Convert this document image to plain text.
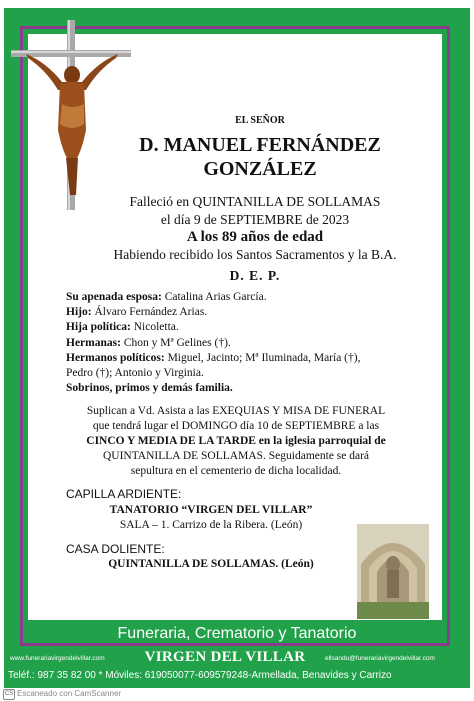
EL SEÑOR
D. MANUEL FERNÁNDEZ
GONZÁLEZ
Falleció en QUINTANILLA DE SOLLAMAS
el día 9 de SEPTIEMBRE de 2023
A los 89 años de edad
Habiendo recibido los Santos Sacramentos y la B.A.
D. E. P.
Su apenada esposa: Catalina Arias García.
Hijo: Álvaro Fernández Arias.
Hija política: Nicoletta.
Hermanas: Chon y Mª Gelines (†).
Hermanos políticos: Miguel, Jacinto; Mª Iluminada, María (†),
Pedro (†); Antonio y Virginia.
Sobrinos, primos y demás familia.
Suplican a Vd. Asista a las EXEQUIAS Y MISA DE FUNERAL
que tendrá lugar el DOMINGO día 10 de SEPTIEMBRE a las
CINCO Y MEDIA DE LA TARDE en la iglesia parroquial de
QUINTANILLA DE SOLLAMAS. Seguidamente se dará
sepultura en el cementerio de dicha localidad.
CAPILLA ARDIENTE:
TANATORIO “VIRGEN DEL VILLAR”
SALA – 1. Carrizo de la Ribera. (León)
CASA DOLIENTE:
QUINTANILLA DE SOLLAMAS. (León)
Funeraria, Crematorio y Tanatorio
www.funerariavirgendelvillar.com	VIRGEN DEL VILLAR	ellsandu@funerariavirgendelvillar.com
Teléf.: 987 35 82 00 * Móviles: 619050077-609579248-Armellada, Benavides y Carrizo
CS Escaneado con CamScanner
